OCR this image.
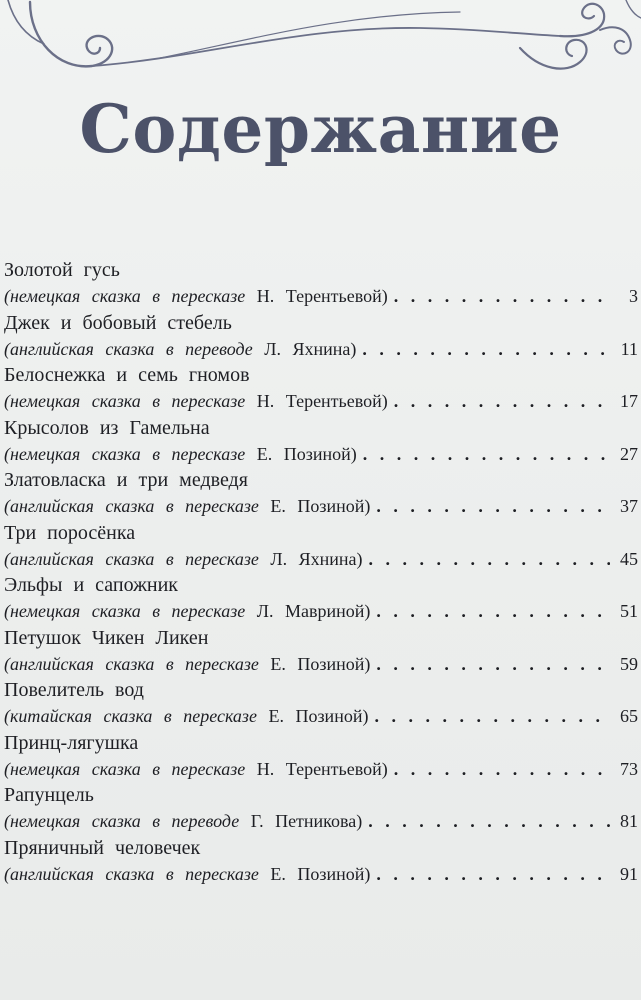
Содержание
Золотой гусь
(немецкая сказка в пересказе Н. Терентьевой) . . .	3
Джек и бобовый стебель
(английская сказка в переводе Л. Яхнина) . . .	11
Белоснежка и семь гномов
(немецкая сказка в пересказе Н. Терентьевой) . . .	17
Крысолов из Гамельна
(немецкая сказка в пересказе Е. Позиной) . . .	27
Златовласка и три медведя
(английская сказка в пересказе Е. Позиной) . . .	37
Три поросёнка
(английская сказка в пересказе Л. Яхнина) . . .	45
Эльфы и сапожник
(немецкая сказка в пересказе Л. Мавриной) . . .	51
Петушок Чикен Ликен
(английская сказка в пересказе Е. Позиной) . . .	59
Повелитель вод
(китайская сказка в пересказе Е. Позиной) . . .	65
Принц-лягушка
(немецкая сказка в пересказе Н. Терентьевой) . . .	73
Рапунцель
(немецкая сказка в переводе Г. Петникова) . . .	81
Пряничный человечек
(английская сказка в пересказе Е. Позиной) . . .	91
